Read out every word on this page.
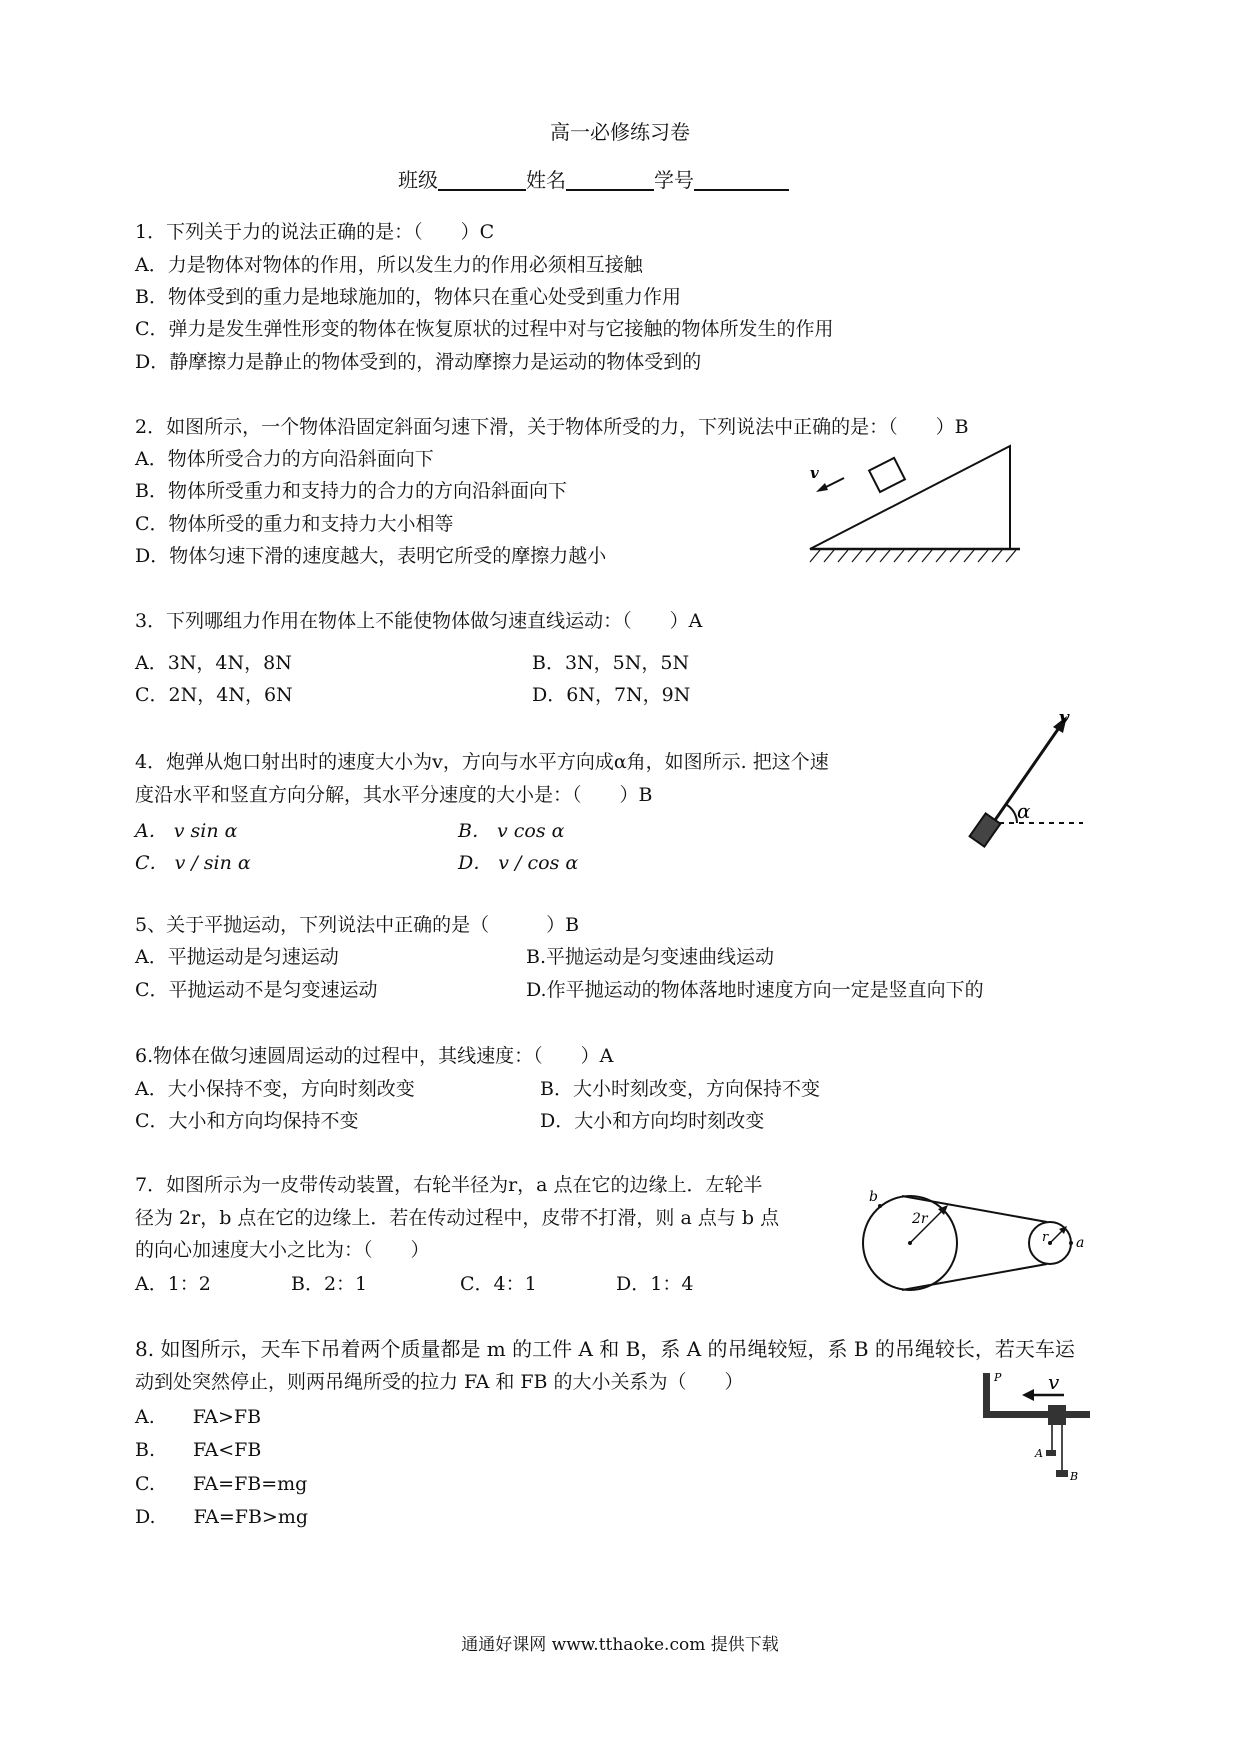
高一必修练习卷
班级	姓名	学号
1．下列关于力的说法正确的是：（　　）C
A．力是物体对物体的作用，所以发生力的作用必须相互接触
B．物体受到的重力是地球施加的，物体只在重心处受到重力作用
C．弹力是发生弹性形变的物体在恢复原状的过程中对与它接触的物体所发生的作用
D．静摩擦力是静止的物体受到的，滑动摩擦力是运动的物体受到的
2．如图所示，一个物体沿固定斜面匀速下滑，关于物体所受的力，下列说法中正确的是：（　　）B
A．物体所受合力的方向沿斜面向下
B．物体所受重力和支持力的合力的方向沿斜面向下
C．物体所受的重力和支持力大小相等
D．物体匀速下滑的速度越大，表明它所受的摩擦力越小
v
3．下列哪组力作用在物体上不能使物体做匀速直线运动：（　　）A
A．3N，4N，8N	B．3N，5N，5N
C．2N，4N，6N	D．6N，7N，9N
4．炮弹从炮口射出时的速度大小为v，方向与水平方向成α角，如图所示. 把这个速
度沿水平和竖直方向分解，其水平分速度的大小是：（　　）B
A． v sin α	B． v cos α
C． v / sin α	D． v / cos α
v
α
5、关于平抛运动，下列说法中正确的是（　　　）B
A．平抛运动是匀速运动	B.平抛运动是匀变速曲线运动
C．平抛运动不是匀变速运动	D.作平抛运动的物体落地时速度方向一定是竖直向下的
6.物体在做匀速圆周运动的过程中，其线速度：（　　）A
A．大小保持不变，方向时刻改变	B．大小时刻改变，方向保持不变
C．大小和方向均保持不变	D．大小和方向均时刻改变
7．如图所示为一皮带传动装置，右轮半径为r，a 点在它的边缘上．左轮半
径为 2r，b 点在它的边缘上．若在传动过程中，皮带不打滑，则 a 点与 b 点
的向心加速度大小之比为：（　　）
A．1：2	B．2：1	C．4：1	D．1：4
b
2r
r a
8. 如图所示，天车下吊着两个质量都是 m 的工件 A 和 B，系 A 的吊绳较短，系 B 的吊绳较长，若天车运
动到处突然停止，则两吊绳所受的拉力 FA 和 FB 的大小关系为（　　）
A.　　FA>FB
B.　　FA<FB
C.　　FA=FB=mg
D.　　FA=FB>mg
P v
A
B
通通好课网 www.tthaoke.com 提供下载
